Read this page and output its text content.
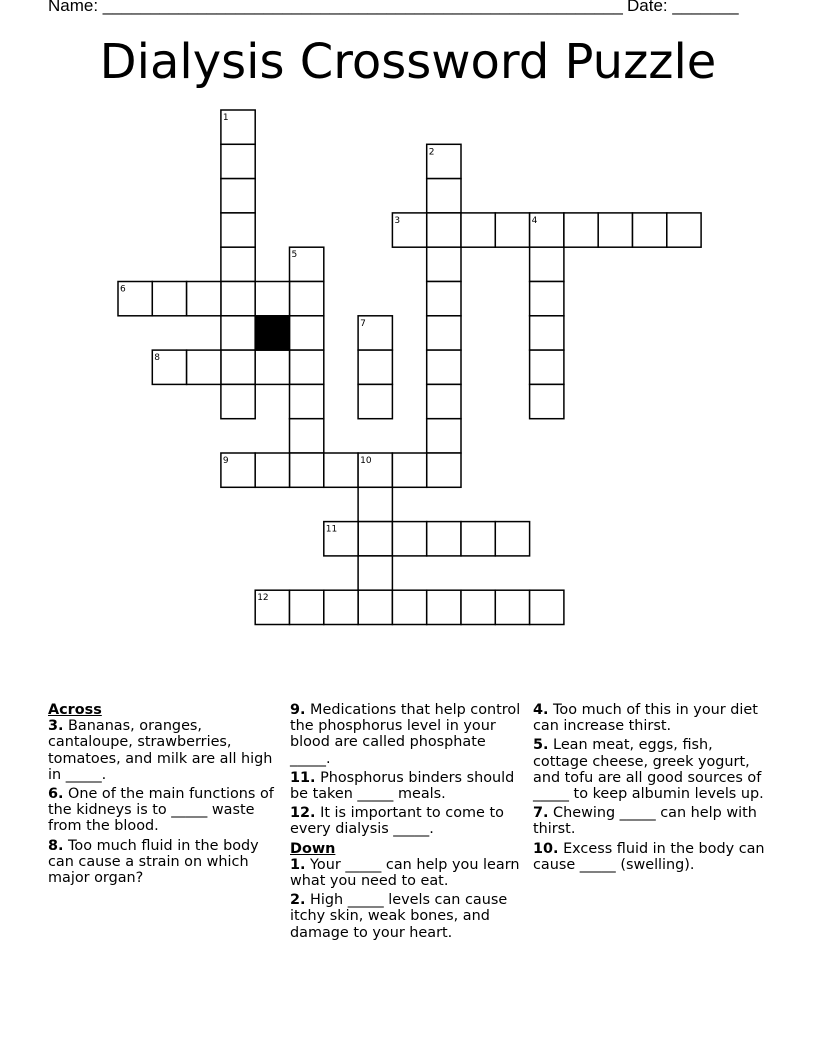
Name: _______________________________________________________ Date: _______
Dialysis Crossword Puzzle
1
2
3	4
5
6
7
8
9	10
11
12
Across
3. Bananas, oranges, cantaloupe, strawberries, tomatoes, and milk are all high in _____.
6. One of the main functions of the kidneys is to _____ waste from the blood.
8. Too much fluid in the body can cause a strain on which major organ?
9. Medications that help control the phosphorus level in your blood are called phosphate _____.
11. Phosphorus binders should be taken _____ meals.
12. It is important to come to every dialysis _____.
Down
1. Your _____ can help you learn what you need to eat.
2. High _____ levels can cause itchy skin, weak bones, and damage to your heart.
4. Too much of this in your diet can increase thirst.
5. Lean meat, eggs, fish, cottage cheese, greek yogurt, and tofu are all good sources of _____ to keep albumin levels up.
7. Chewing _____ can help with thirst.
10. Excess fluid in the body can cause _____ (swelling).
